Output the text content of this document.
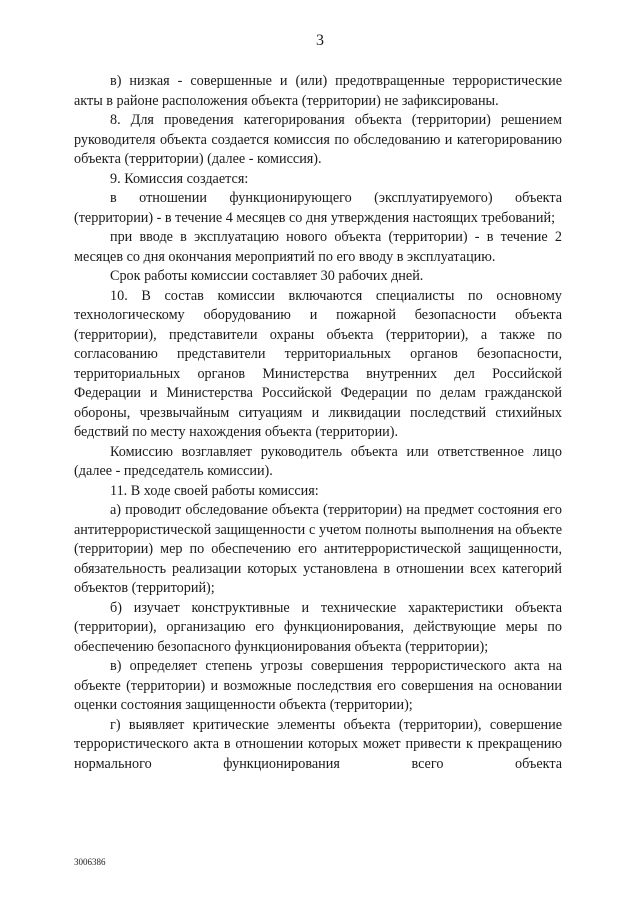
3

в) низкая - совершенные и (или) предотвращенные террористические акты в районе расположения объекта (территории) не зафиксированы.

8. Для проведения категорирования объекта (территории) решением руководителя объекта создается комиссия по обследованию и категорированию объекта (территории) (далее - комиссия).

9. Комиссия создается:

в отношении функционирующего (эксплуатируемого) объекта (территории) - в течение 4 месяцев со дня утверждения настоящих требований;

при вводе в эксплуатацию нового объекта (территории) - в течение 2 месяцев со дня окончания мероприятий по его вводу в эксплуатацию.

Срок работы комиссии составляет 30 рабочих дней.

10. В состав комиссии включаются специалисты по основному технологическому оборудованию и пожарной безопасности объекта (территории), представители охраны объекта (территории), а также по согласованию представители территориальных органов безопасности, территориальных органов Министерства внутренних дел Российской Федерации и Министерства Российской Федерации по делам гражданской обороны, чрезвычайным ситуациям и ликвидации последствий стихийных бедствий по месту нахождения объекта (территории).

Комиссию возглавляет руководитель объекта или ответственное лицо (далее - председатель комиссии).

11. В ходе своей работы комиссия:

а) проводит обследование объекта (территории) на предмет состояния его антитеррористической защищенности с учетом полноты выполнения на объекте (территории) мер по обеспечению его антитеррористической защищенности, обязательность реализации которых установлена в отношении всех категорий объектов (территорий);

б) изучает конструктивные и технические характеристики объекта (территории), организацию его функционирования, действующие меры по обеспечению безопасного функционирования объекта (территории);

в) определяет степень угрозы совершения террористического акта на объекте (территории) и возможные последствия его совершения на основании оценки состояния защищенности объекта (территории);

г) выявляет критические элементы объекта (территории), совершение террористического акта в отношении которых может привести к прекращению нормального функционирования всего объекта

3006386
